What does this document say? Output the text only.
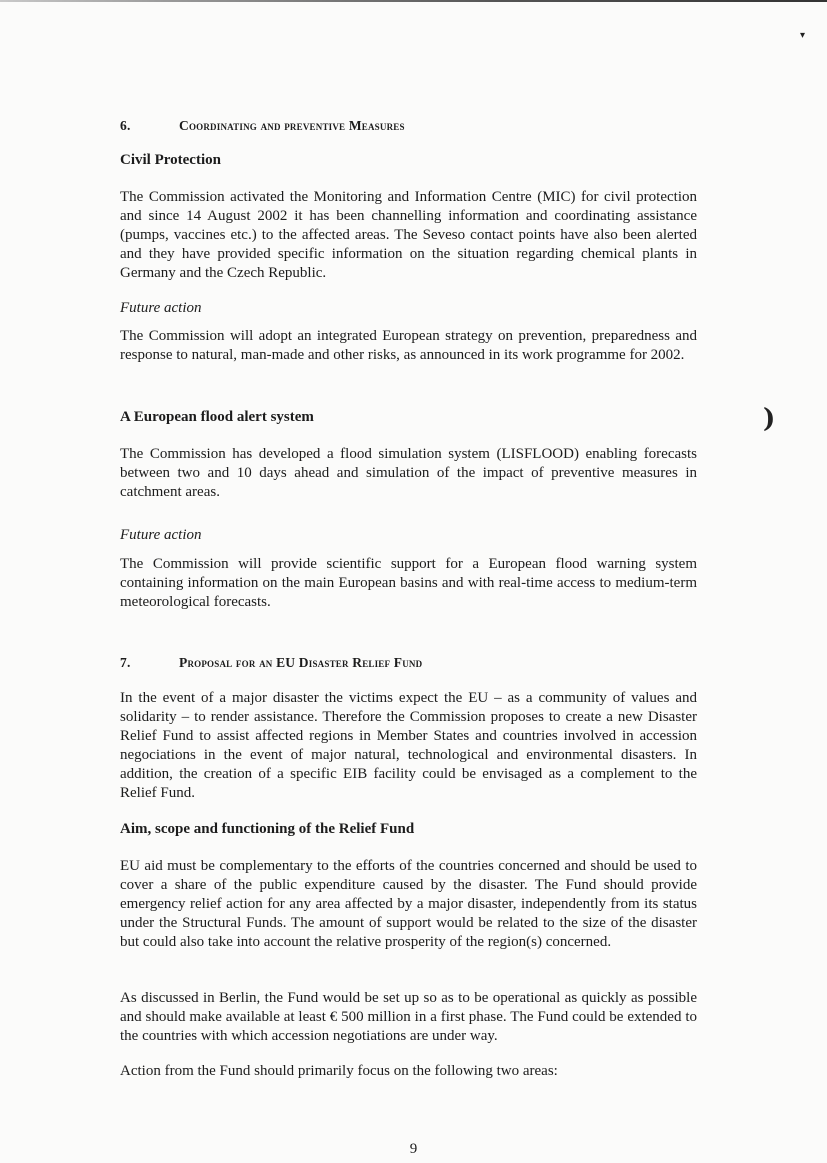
6.	Coordinating and preventive Measures
Civil Protection

The Commission activated the Monitoring and Information Centre (MIC) for civil protection and since 14 August 2002 it has been channelling information and coordinating assistance (pumps, vaccines etc.) to the affected areas. The Seveso contact points have also been alerted and they have provided specific information on the situation regarding chemical plants in Germany and the Czech Republic.

Future action

The Commission will adopt an integrated European strategy on prevention, preparedness and response to natural, man-made and other risks, as announced in its work programme for 2002.

A European flood alert system

The Commission has developed a flood simulation system (LISFLOOD) enabling forecasts between two and 10 days ahead and simulation of the impact of preventive measures in catchment areas.

Future action

The Commission will provide scientific support for a European flood warning system containing information on the main European basins and with real-time access to medium-term meteorological forecasts.

7.	Proposal for an EU Disaster Relief Fund

In the event of a major disaster the victims expect the EU – as a community of values and solidarity – to render assistance. Therefore the Commission proposes to create a new Disaster Relief Fund to assist affected regions in Member States and countries involved in accession negociations in the event of major natural, technological and environmental disasters. In addition, the creation of a specific EIB facility could be envisaged as a complement to the Relief Fund.

Aim, scope and functioning of the Relief Fund

EU aid must be complementary to the efforts of the countries concerned and should be used to cover a share of the public expenditure caused by the disaster. The Fund should provide emergency relief action for any area affected by a major disaster, independently from its status under the Structural Funds. The amount of support would be related to the size of the disaster but could also take into account the relative prosperity of the region(s) concerned.

As discussed in Berlin, the Fund would be set up so as to be operational as quickly as possible and should make available at least € 500 million in a first phase. The Fund could be extended to the countries with which accession negotiations are under way.

Action from the Fund should primarily focus on the following two areas:
9
)
▾
